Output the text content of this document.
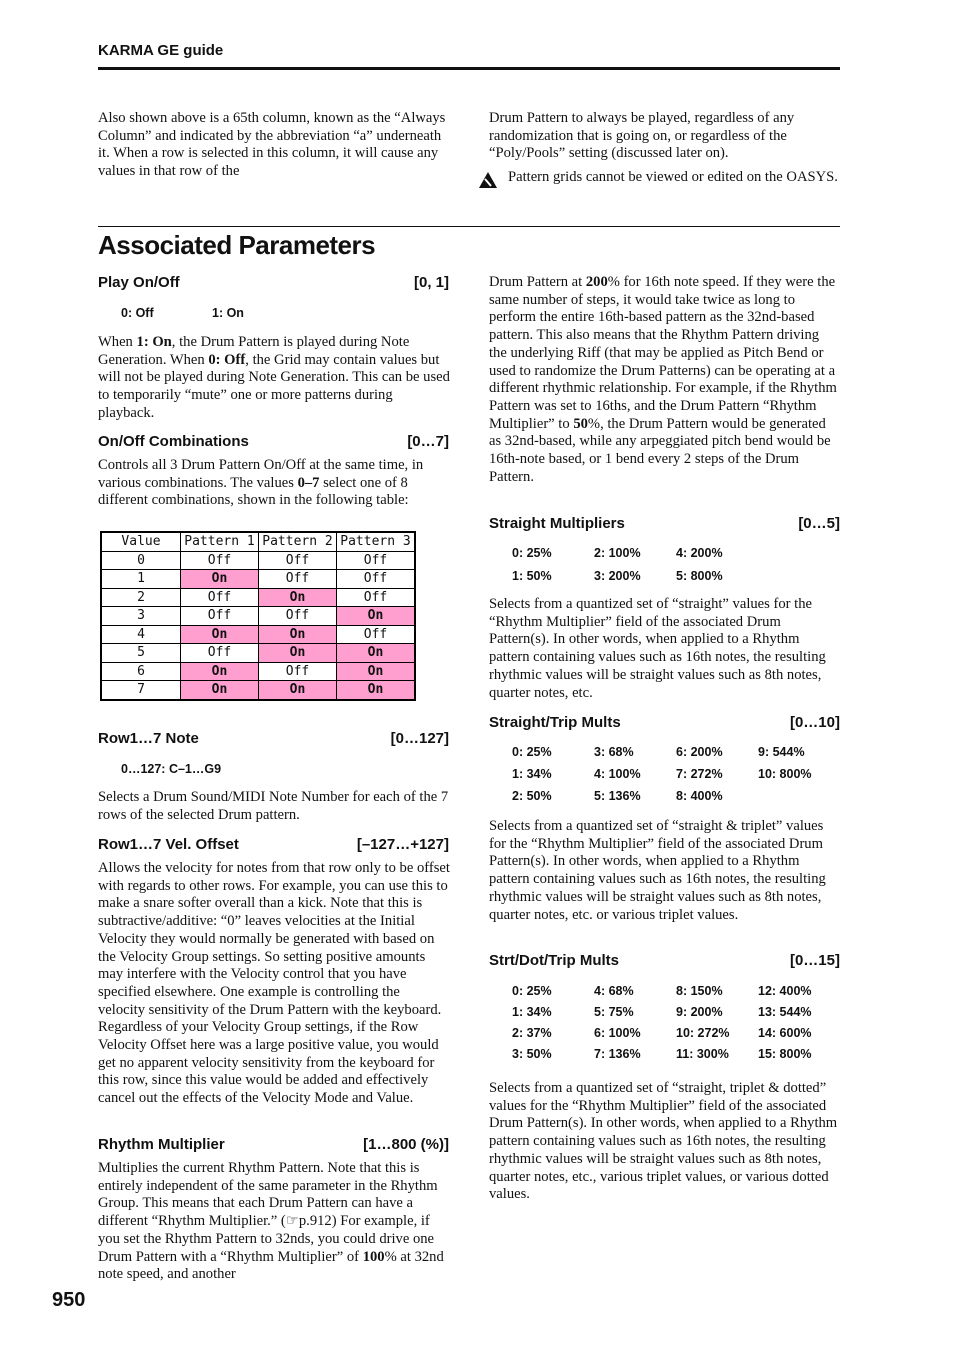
KARMA GE guide
Also shown above is a 65th column, known as the “Always Column” and indicated by the abbreviation “a” underneath it. When a row is selected in this column, it will cause any values in that row of the
Drum Pattern to always be played, regardless of any randomization that is going on, or regardless of the “Poly/Pools” setting (discussed later on).
Pattern grids cannot be viewed or edited on the OASYS.
Associated Parameters
Play On/Off	[0, 1]
0: Off	1: On
When 1: On, the Drum Pattern is played during Note Generation. When 0: Off, the Grid may contain values but will not be played during Note Generation. This can be used to temporarily “mute” one or more patterns during playback.
On/Off Combinations	[0…7]
Controls all 3 Drum Pattern On/Off at the same time, in various combinations. The values 0–7 select one of 8 different combinations, shown in the following table:
Value	Pattern 1	Pattern 2	Pattern 3
0	Off	Off	Off
1	On	Off	Off
2	Off	On	Off
3	Off	Off	On
4	On	On	Off
5	Off	On	On
6	On	Off	On
7	On	On	On
Row1…7 Note	[0…127]
0…127: C–1…G9
Selects a Drum Sound/MIDI Note Number for each of the 7 rows of the selected Drum pattern.
Row1…7 Vel. Offset	[–127…+127]
Allows the velocity for notes from that row only to be offset with regards to other rows. For example, you can use this to make a snare softer overall than a kick. Note that this is subtractive/additive: “0” leaves velocities at the Initial Velocity they would normally be generated with based on the Velocity Group settings. So setting positive amounts may interfere with the Velocity control that you have specified elsewhere. One example is controlling the velocity sensitivity of the Drum Pattern with the keyboard. Regardless of your Velocity Group settings, if the Row Velocity Offset here was a large positive value, you would get no apparent velocity sensitivity from the keyboard for this row, since this value would be added and effectively cancel out the effects of the Velocity Mode and Value.
Rhythm Multiplier	[1…800 (%)]
Multiplies the current Rhythm Pattern. Note that this is entirely independent of the same parameter in the Rhythm Group. This means that each Drum Pattern can have a different “Rhythm Multiplier.” (☞p.912) For example, if you set the Rhythm Pattern to 32nds, you could drive one Drum Pattern with a “Rhythm Multiplier” of 100% at 32nd note speed, and another
Drum Pattern at 200% for 16th note speed. If they were the same number of steps, it would take twice as long to perform the entire 16th-based pattern as the 32nd-based pattern. This also means that the Rhythm Pattern driving the underlying Riff (that may be applied as Pitch Bend or used to randomize the Drum Patterns) can be operating at a different rhythmic relationship. For example, if the Rhythm Pattern was set to 16ths, and the Drum Pattern “Rhythm Multiplier” to 50%, the Drum Pattern would be generated as 32nd-based, while any arpeggiated pitch bend would be 16th-note based, or 1 bend every 2 steps of the Drum Pattern.
Straight Multipliers	[0…5]
0: 25%	2: 100%	4: 200%
1: 50%	3: 200%	5: 800%
Selects from a quantized set of “straight” values for the “Rhythm Multiplier” field of the associated Drum Pattern(s). In other words, when applied to a Rhythm pattern containing values such as 16th notes, the resulting rhythmic values will be straight values such as 8th notes, quarter notes, etc.
Straight/Trip Mults	[0…10]
0: 25%	3: 68%	6: 200%	9: 544%
1: 34%	4: 100%	7: 272%	10: 800%
2: 50%	5: 136%	8: 400%
Selects from a quantized set of “straight & triplet” values for the “Rhythm Multiplier” field of the associated Drum Pattern(s). In other words, when applied to a Rhythm pattern containing values such as 16th notes, the resulting rhythmic values will be straight values such as 8th notes, quarter notes, etc. or various triplet values.
Strt/Dot/Trip Mults	[0…15]
0: 25%	4: 68%	8: 150%	12: 400%
1: 34%	5: 75%	9: 200%	13: 544%
2: 37%	6: 100%	10: 272%	14: 600%
3: 50%	7: 136%	11: 300%	15: 800%
Selects from a quantized set of “straight, triplet & dotted” values for the “Rhythm Multiplier” field of the associated Drum Pattern(s). In other words, when applied to a Rhythm pattern containing values such as 16th notes, the resulting rhythmic values will be straight values such as 8th notes, quarter notes, etc., various triplet values, or various dotted values.
950
